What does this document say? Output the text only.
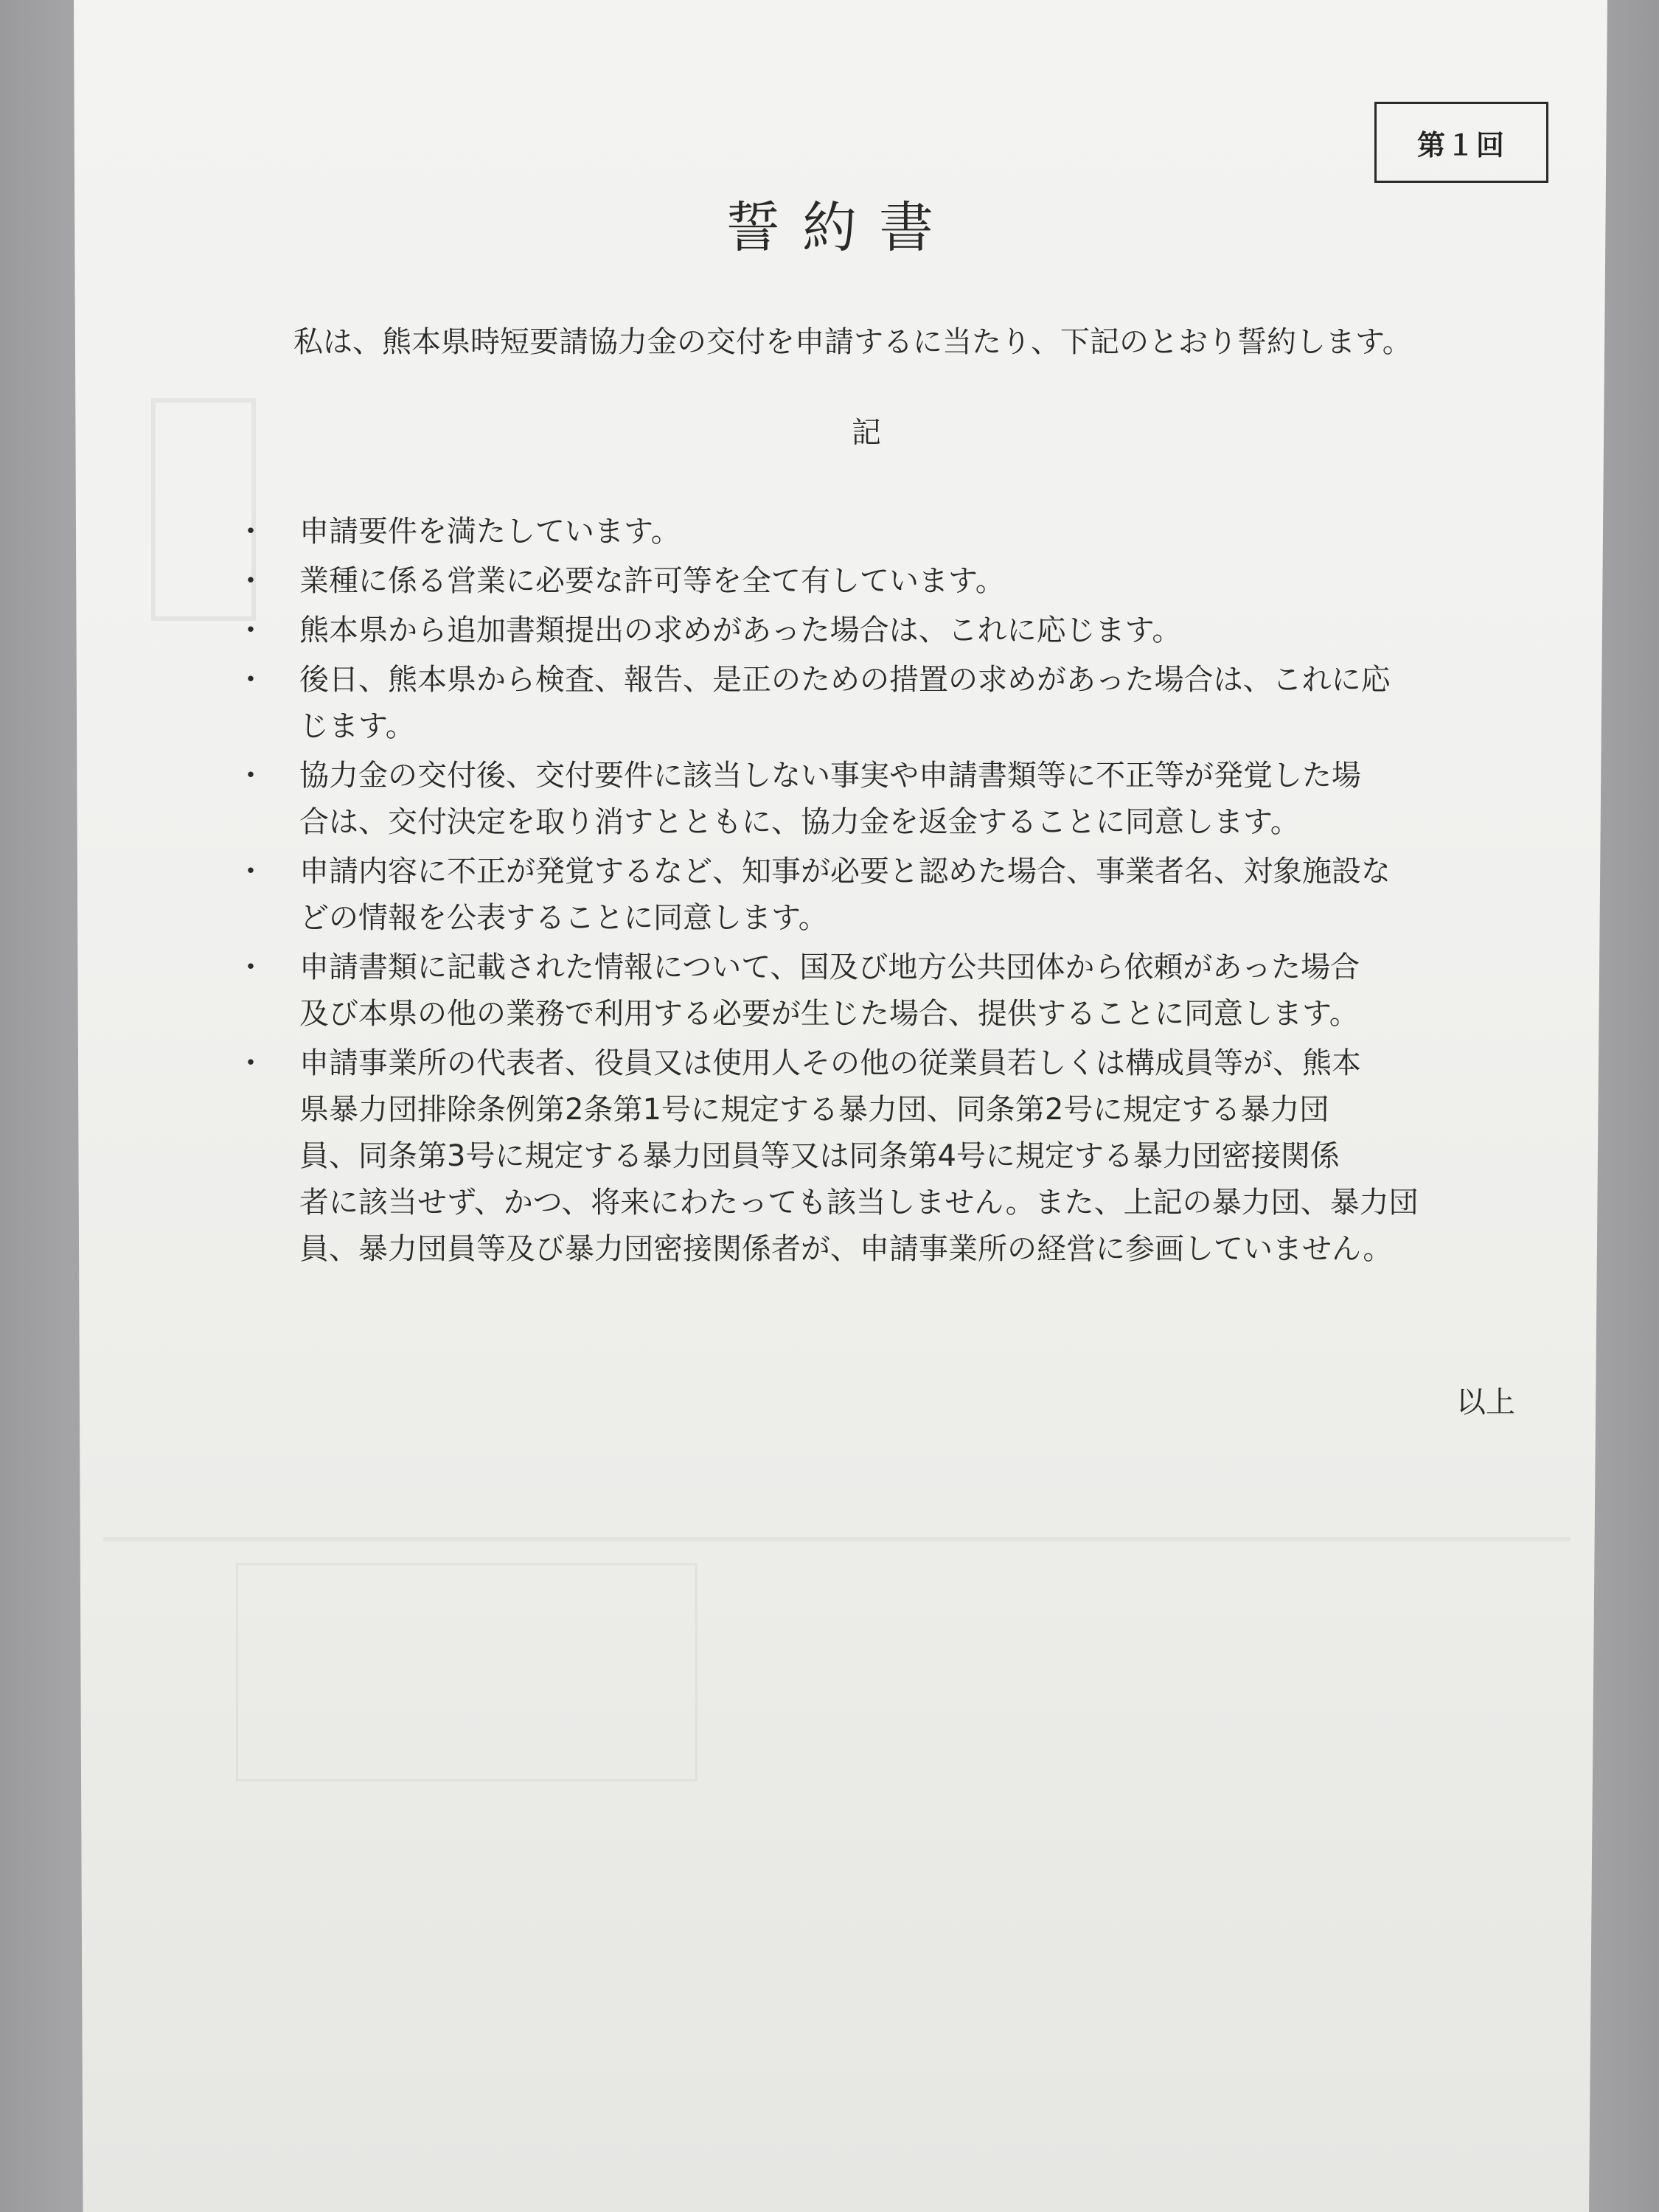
第１回
誓約書
私は、熊本県時短要請協力金の交付を申請するに当たり、下記のとおり誓約します。
記
・ 申請要件を満たしています。
・ 業種に係る営業に必要な許可等を全て有しています。
・ 熊本県から追加書類提出の求めがあった場合は、これに応じます。
・ 後日、熊本県から検査、報告、是正のための措置の求めがあった場合は、これに応
じます。
・ 協力金の交付後、交付要件に該当しない事実や申請書類等に不正等が発覚した場
合は、交付決定を取り消すとともに、協力金を返金することに同意します。
・ 申請内容に不正が発覚するなど、知事が必要と認めた場合、事業者名、対象施設な
どの情報を公表することに同意します。
・ 申請書類に記載された情報について、国及び地方公共団体から依頼があった場合
及び本県の他の業務で利用する必要が生じた場合、提供することに同意します。
・ 申請事業所の代表者、役員又は使用人その他の従業員若しくは構成員等が、熊本
県暴力団排除条例第2条第1号に規定する暴力団、同条第2号に規定する暴力団
員、同条第3号に規定する暴力団員等又は同条第4号に規定する暴力団密接関係
者に該当せず、かつ、将来にわたっても該当しません。また、上記の暴力団、暴力団
員、暴力団員等及び暴力団密接関係者が、申請事業所の経営に参画していません。
以上
